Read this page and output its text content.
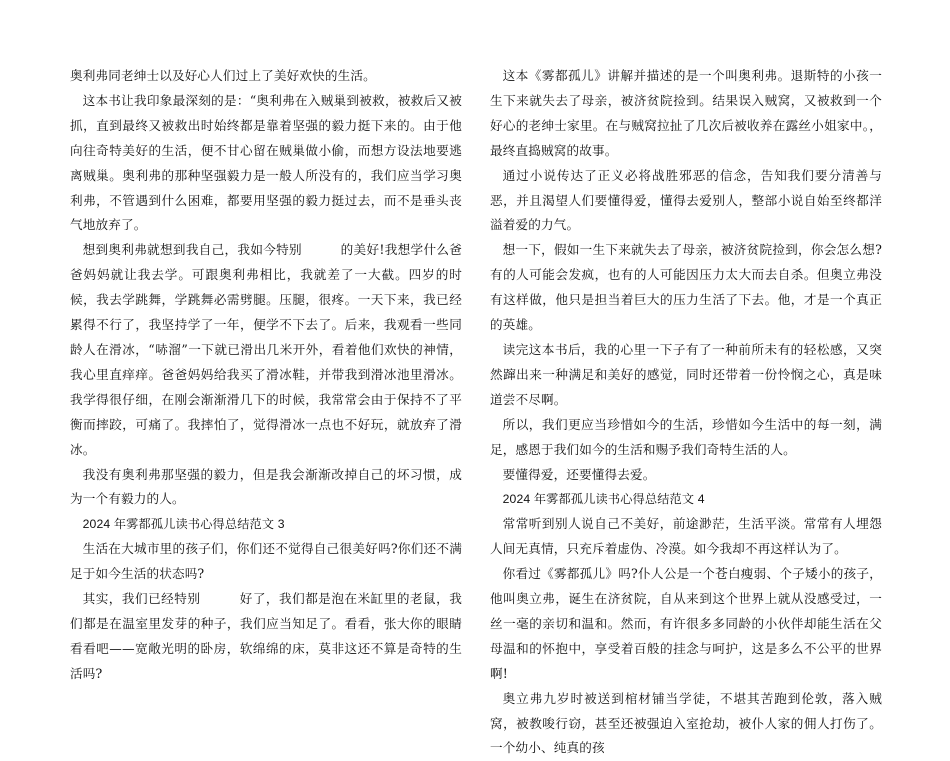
奥利弗同老绅士以及好心人们过上了美好欢快的生活。

这本书让我印象最深刻的是：“奥利弗在入贼巢到被救，被救后又被抓，直到最终又被救出时始终都是靠着坚强的毅力挺下来的。由于他向往奇特美好的生活，便不甘心留在贼巢做小偷，而想方设法地要逃离贼巢。奥利弗的那种坚强毅力是一般人所没有的，我们应当学习奥利弗，不管遇到什么困难，都要用坚强的毅力挺过去，而不是垂头丧气地放弃了。

想到奥利弗就想到我自己，我如今特别　　　的美好!我想学什么爸爸妈妈就让我去学。可跟奥利弗相比，我就差了一大截。四岁的时候，我去学跳舞，学跳舞必需劈腿。压腿，很疼。一天下来，我已经累得不行了，我坚持学了一年，便学不下去了。后来，我观看一些同龄人在滑冰，“哧溜”一下就已滑出几米开外，看着他们欢快的神情，我心里直痒痒。爸爸妈妈给我买了滑冰鞋，并带我到滑冰池里滑冰。我学得很仔细，在刚会渐渐滑几下的时候，我常常会由于保持不了平衡而摔跤，可痛了。我摔怕了，觉得滑冰一点也不好玩，就放弃了滑冰。

我没有奥利弗那坚强的毅力，但是我会渐渐改掉自己的坏习惯，成为一个有毅力的人。

2024 年雾都孤儿读书心得总结范文 3

生活在大城市里的孩子们，你们还不觉得自己很美好吗?你们还不满足于如今生活的状态吗?

其实，我们已经特别　　　好了，我们都是泡在米缸里的老鼠，我们都是在温室里发芽的种子，我们应当知足了。看看，张大你的眼睛看看吧——宽敞光明的卧房，软绵绵的床，莫非这还不算是奇特的生活吗?

这本《雾都孤儿》讲解并描述的是一个叫奥利弗。退斯特的小孩一生下来就失去了母亲，被济贫院捡到。结果误入贼窝，又被救到一个好心的老绅士家里。在与贼窝拉扯了几次后被收养在露丝小姐家中。，最终直捣贼窝的故事。

通过小说传达了正义必将战胜邪恶的信念，告知我们要分清善与恶，并且渴望人们要懂得爱，懂得去爱别人，整部小说自始至终都洋溢着爱的力气。

想一下，假如一生下来就失去了母亲，被济贫院捡到，你会怎么想?有的人可能会发疯，也有的人可能因压力太大而去自杀。但奥立弗没有这样做，他只是担当着巨大的压力生活了下去。他，才是一个真正的英雄。

读完这本书后，我的心里一下子有了一种前所未有的轻松感，又突然蹿出来一种满足和美好的感觉，同时还带着一份怜悯之心，真是味道尝不尽啊。

所以，我们更应当珍惜如今的生活，珍惜如今生活中的每一刻，满足，感恩于我们如今的生活和赐予我们奇特生活的人。

要懂得爱，还要懂得去爱。

2024 年雾都孤儿读书心得总结范文 4

常常听到别人说自己不美好，前途渺茫，生活平淡。常常有人埋怨人间无真情，只充斥着虚伪、冷漠。如今我却不再这样认为了。

你看过《雾都孤儿》吗?仆人公是一个苍白瘦弱、个子矮小的孩子，他叫奥立弗，诞生在济贫院，自从来到这个世界上就从没感受过，一丝一毫的亲切和温和。然而，有许很多多同龄的小伙伴却能生活在父母温和的怀抱中，享受着百般的挂念与呵护，这是多么不公平的世界啊!

奥立弗九岁时被送到棺材铺当学徒，不堪其苦跑到伦敦，落入贼窝，被教唆行窃，甚至还被强迫入室抢劫，被仆人家的佣人打伤了。一个幼小、纯真的孩
